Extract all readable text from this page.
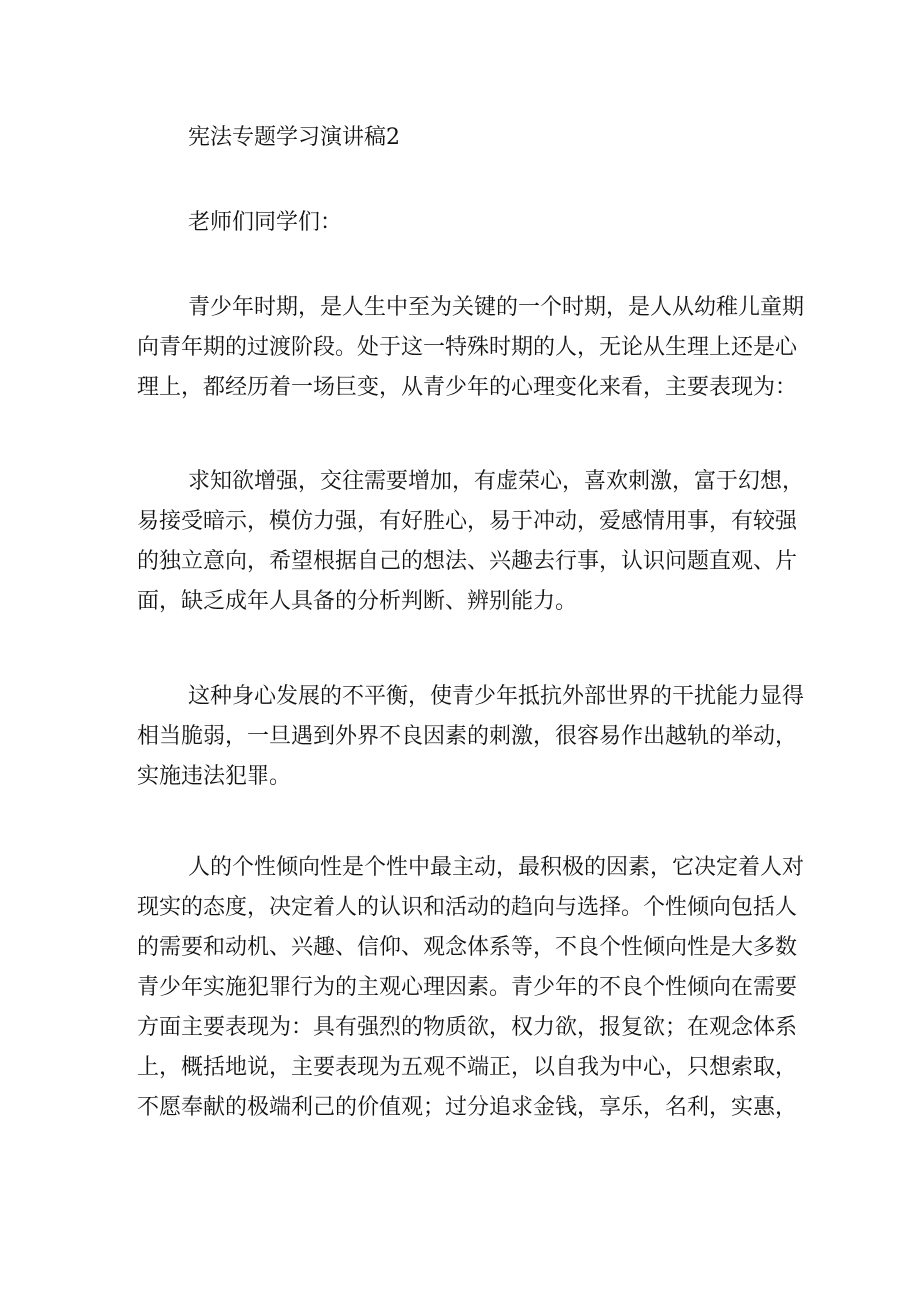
宪法专题学习演讲稿2
老师们同学们：
青少年时期，是人生中至为关键的一个时期，是人从幼稚儿童期
向青年期的过渡阶段。处于这一特殊时期的人，无论从生理上还是心
理上，都经历着一场巨变，从青少年的心理变化来看，主要表现为：
求知欲增强，交往需要增加，有虚荣心，喜欢刺激，富于幻想，
易接受暗示，模仿力强，有好胜心，易于冲动，爱感情用事，有较强
的独立意向，希望根据自己的想法、兴趣去行事，认识问题直观、片
面，缺乏成年人具备的分析判断、辨别能力。
这种身心发展的不平衡，使青少年抵抗外部世界的干扰能力显得
相当脆弱，一旦遇到外界不良因素的刺激，很容易作出越轨的举动，
实施违法犯罪。
人的个性倾向性是个性中最主动，最积极的因素，它决定着人对
现实的态度，决定着人的认识和活动的趋向与选择。个性倾向包括人
的需要和动机、兴趣、信仰、观念体系等，不良个性倾向性是大多数
青少年实施犯罪行为的主观心理因素。青少年的不良个性倾向在需要
方面主要表现为：具有强烈的物质欲，权力欲，报复欲；在观念体系
上，概括地说，主要表现为五观不端正，以自我为中心，只想索取，
不愿奉献的极端利己的价值观；过分追求金钱，享乐，名利，实惠，
